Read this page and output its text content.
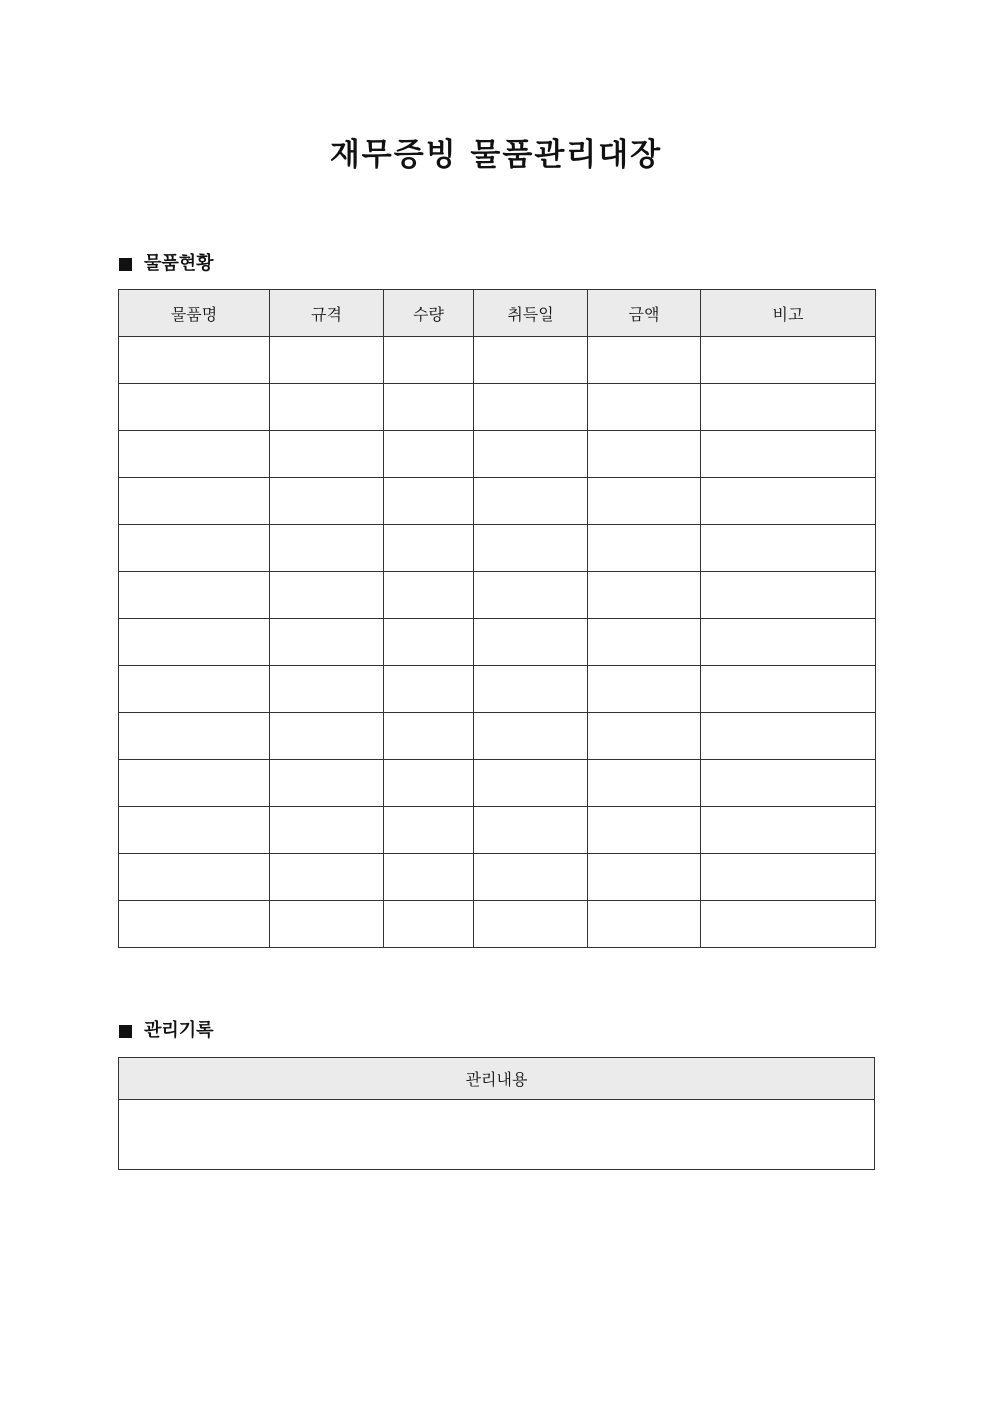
재무증빙 물품관리대장
물품현황
물품명	규격	수량	취득일	금액	비고

관리기록
관리내용
